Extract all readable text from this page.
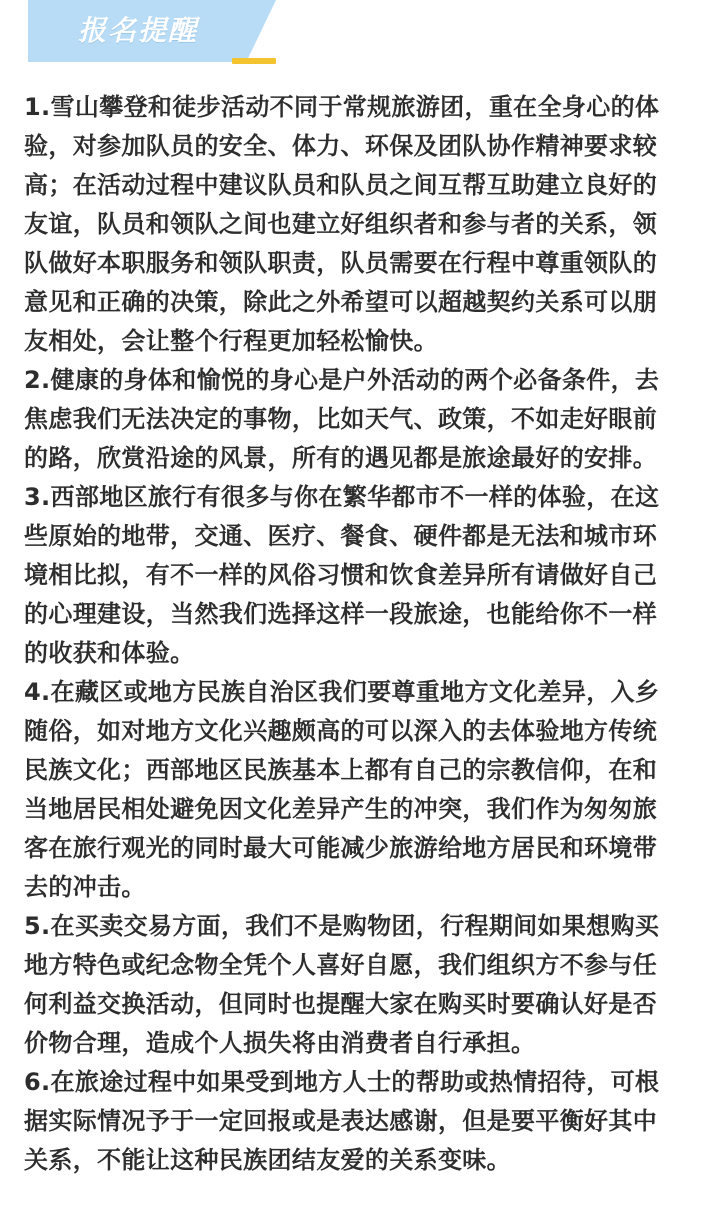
报名提醒

1.雪山攀登和徒步活动不同于常规旅游团，重在全身心的体验，对参加队员的安全、体力、环保及团队协作精神要求较高；在活动过程中建议队员和队员之间互帮互助建立良好的友谊，队员和领队之间也建立好组织者和参与者的关系，领队做好本职服务和领队职责，队员需要在行程中尊重领队的意见和正确的决策，除此之外希望可以超越契约关系可以朋友相处，会让整个行程更加轻松愉快。

2.健康的身体和愉悦的身心是户外活动的两个必备条件，去焦虑我们无法决定的事物，比如天气、政策，不如走好眼前的路，欣赏沿途的风景，所有的遇见都是旅途最好的安排。

3.西部地区旅行有很多与你在繁华都市不一样的体验，在这些原始的地带，交通、医疗、餐食、硬件都是无法和城市环境相比拟，有不一样的风俗习惯和饮食差异所有请做好自己的心理建设，当然我们选择这样一段旅途，也能给你不一样的收获和体验。

4.在藏区或地方民族自治区我们要尊重地方文化差异，入乡随俗，如对地方文化兴趣颇高的可以深入的去体验地方传统民族文化；西部地区民族基本上都有自己的宗教信仰，在和当地居民相处避免因文化差异产生的冲突，我们作为匆匆旅客在旅行观光的同时最大可能减少旅游给地方居民和环境带去的冲击。

5.在买卖交易方面，我们不是购物团，行程期间如果想购买地方特色或纪念物全凭个人喜好自愿，我们组织方不参与任何利益交换活动，但同时也提醒大家在购买时要确认好是否价物合理，造成个人损失将由消费者自行承担。

6.在旅途过程中如果受到地方人士的帮助或热情招待，可根据实际情况予于一定回报或是表达感谢，但是要平衡好其中关系，不能让这种民族团结友爱的关系变味。
